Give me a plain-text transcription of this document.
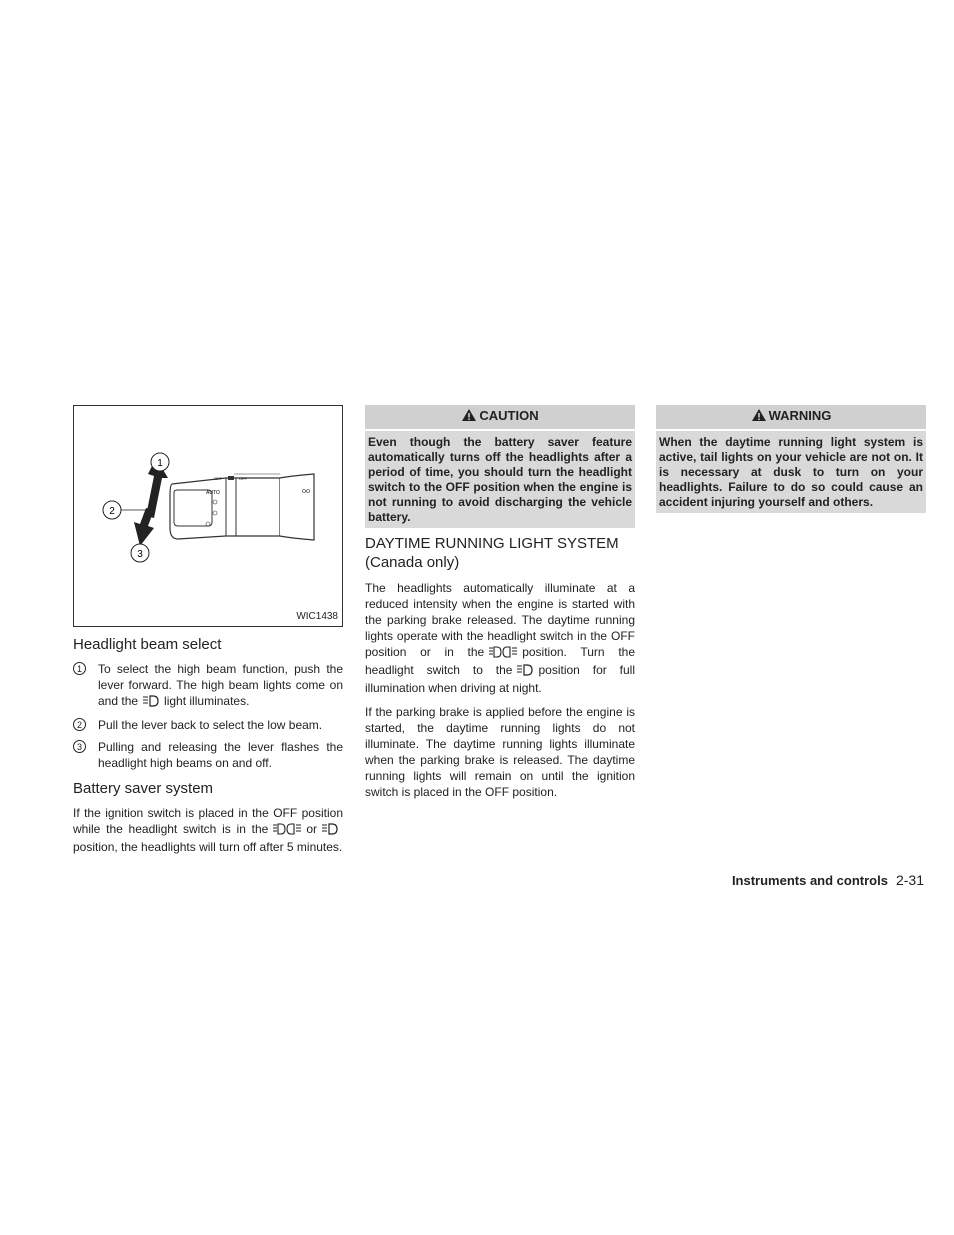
OFF	OFF
AUTO
1
2
3
WIC1438
Headlight beam select
1	To select the high beam function, push the lever forward. The high beam lights come on and the light illuminates.

2	Pull the lever back to select the low beam.

3	Pulling and releasing the lever flashes the headlight high beams on and off.

Battery saver system

If the ignition switch is placed in the OFF position while the headlight switch is in the	orposition, the headlights will turn off after 5 minutes.

CAUTION
Even though the battery saver feature automatically turns off the headlights after a period of time, you should turn the headlight switch to the OFF position when the engine is not running to avoid discharging the vehicle battery.
DAYTIME RUNNING LIGHT SYSTEM
(Canada only)

The headlights automatically illuminate at a reduced intensity when the engine is started with the parking brake released. The daytime running lights operate with the headlight switch in the OFF position or in the	position. Turn the headlight switch to the position for full illumination when driving at night.

If the parking brake is applied before the engine is started, the daytime running lights do not illuminate. The daytime running lights illuminate when the parking brake is released. The daytime running lights will remain on until the ignition switch is placed in the OFF position.

WARNING
When the daytime running light system is active, tail lights on your vehicle are not on. It is necessary at dusk to turn on your headlights. Failure to do so could cause an accident injuring yourself and others.
Instruments and controls 2-31
